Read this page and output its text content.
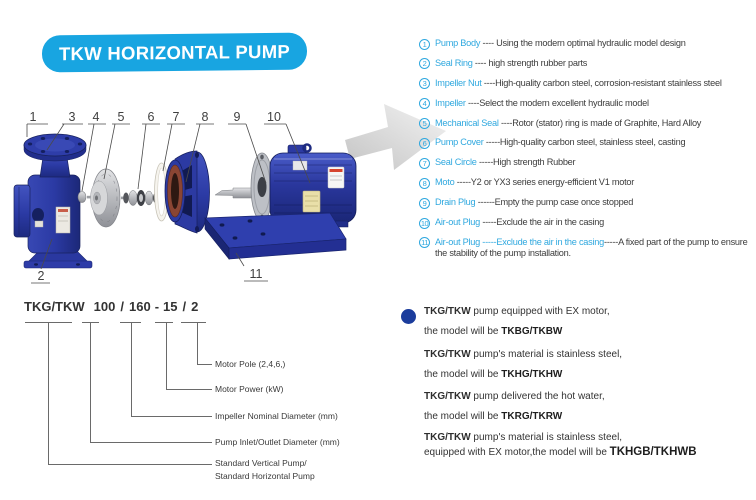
TKW HORIZONTAL PUMP
1	3 4 5 6 7 8 9 10
2	11
1 Pump Body ---- Using the modern optimal hydraulic model design
2 Seal Ring ---- high strength rubber parts
3 Impeller Nut ----High-quality carbon steel, corrosion-resistant stainless steel
4 Impeller ----Select the modern excellent hydraulic model
5 Mechanical Seal ----Rotor (stator) ring is made of Graphite, Hard Alloy
6 Pump Cover -----High-quality carbon steel, stainless steel, casting
7 Seal Circle -----High strength Rubber
8 Moto -----Y2 or YX3 series energy-efficient V1 motor
9 Drain Plug ------Empty the pump case once stopped
10 Air-out Plug -----Exclude the air in the casing
11 Air-out Plug -----Exclude the air in the casing-----A fixed part of the pump to ensure the stability of the pump installation.
TKG/TKW 100 / 160 - 15 / 2
Motor Pole (2,4,6,)
Motor Power (kW)
Impeller Nominal Diameter (mm)
Pump Inlet/Outlet Diameter (mm)
Standard Vertical Pump/
Standard Horizontal Pump
TKG/TKW pump equipped with EX motor,
the model will be TKBG/TKBW
TKG/TKW pump's material is stainless steel,
the model will be TKHG/TKHW
TKG/TKW pump delivered the hot water,
the model will be TKRG/TKRW
TKG/TKW pump's material is stainless steel,
equipped with EX motor,the model will be TKHGB/TKHWB
